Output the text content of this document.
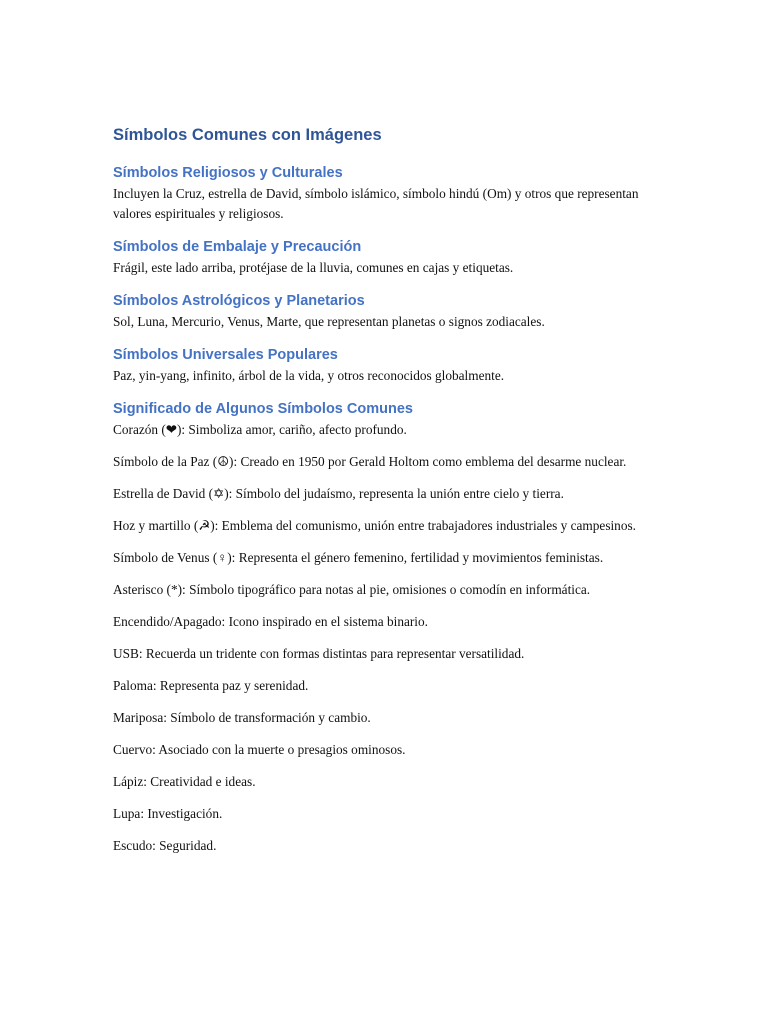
Símbolos Comunes con Imágenes
Símbolos Religiosos y Culturales

Incluyen la Cruz, estrella de David, símbolo islámico, símbolo hindú (Om) y otros que representan valores espirituales y religiosos.

Símbolos de Embalaje y Precaución

Frágil, este lado arriba, protéjase de la lluvia, comunes en cajas y etiquetas.

Símbolos Astrológicos y Planetarios

Sol, Luna, Mercurio, Venus, Marte, que representan planetas o signos zodiacales.

Símbolos Universales Populares

Paz, yin-yang, infinito, árbol de la vida, y otros reconocidos globalmente.

Significado de Algunos Símbolos Comunes

Corazón (❤): Simboliza amor, cariño, afecto profundo.

Símbolo de la Paz (☮): Creado en 1950 por Gerald Holtom como emblema del desarme nuclear.

Estrella de David (✡): Símbolo del judaísmo, representa la unión entre cielo y tierra.

Hoz y martillo (☭): Emblema del comunismo, unión entre trabajadores industriales y campesinos.

Símbolo de Venus (♀): Representa el género femenino, fertilidad y movimientos feministas.

Asterisco (*): Símbolo tipográfico para notas al pie, omisiones o comodín en informática.

Encendido/Apagado: Icono inspirado en el sistema binario.

USB: Recuerda un tridente con formas distintas para representar versatilidad.

Paloma: Representa paz y serenidad.

Mariposa: Símbolo de transformación y cambio.

Cuervo: Asociado con la muerte o presagios ominosos.

Lápiz: Creatividad e ideas.

Lupa: Investigación.

Escudo: Seguridad.
